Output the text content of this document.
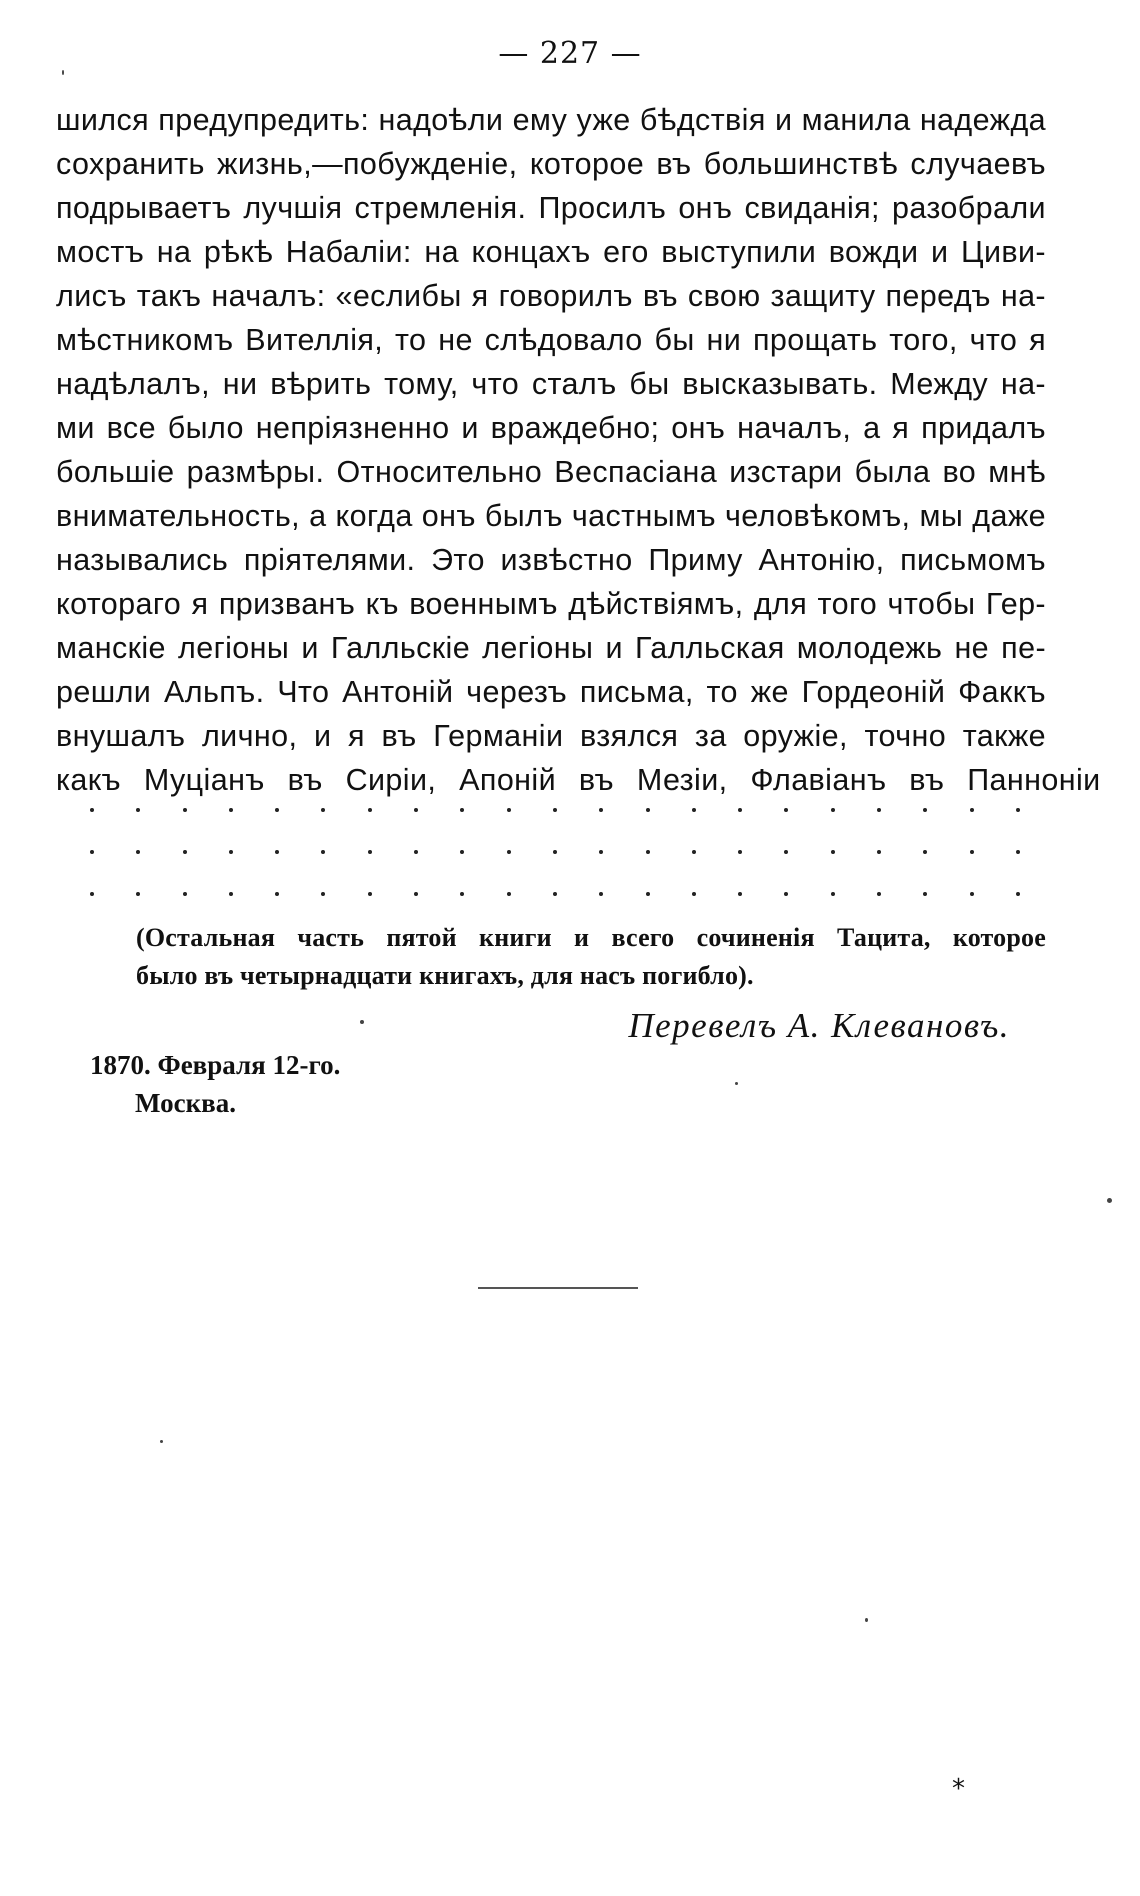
— 227 —
шился предупредить: надоѣли ему уже бѣдствія и манила надежда
сохранить жизнь,—побужденіе, которое въ большинствѣ случаевъ
подрываетъ лучшія стремленія. Просилъ онъ свиданія; разобрали
мостъ на рѣкѣ Набаліи: на концахъ его выступили вожди и Циви-
лисъ такъ началъ: «еслибы я говорилъ въ свою защиту передъ на-
мѣстникомъ Вителлія, то не слѣдовало бы ни прощать того, что я
надѣлалъ, ни вѣрить тому, что сталъ бы высказывать. Между на-
ми все было непріязненно и враждебно; онъ началъ, а я придалъ
большіе размѣры. Относительно Веспасіана изстари была во мнѣ
внимательность, а когда онъ былъ частнымъ человѣкомъ, мы даже
назывались пріятелями. Это извѣстно Приму Антонію, письмомъ
котораго я призванъ къ военнымъ дѣйствіямъ, для того чтобы Гер-
манскіе легіоны и Галльскіе легіоны и Галльская молодежь не пе-
решли Альпъ. Что Антоній черезъ письма, то же Гордеоній Факкъ
внушалъ лично, и я въ Германіи взялся за оружіе, точно также
какъ Муціанъ въ Сиріи, Апоній въ Мезіи, Флавіанъ въ Панноніи
(Остальная часть пятой книги и всего сочиненія Тацита, которое
было въ четырнадцати книгахъ, для насъ погибло).
Перевелъ А. Клевановъ.
1870. Февраля 12-го.
Москва.
*
